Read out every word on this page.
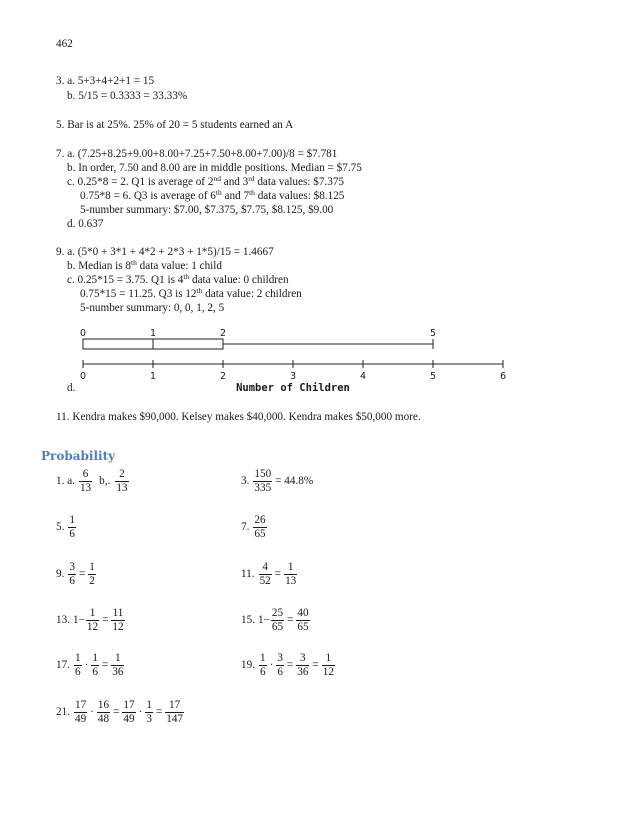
462
3. a. 5+3+4+2+1 = 15
b. 5/15 = 0.3333 = 33.33%
5. Bar is at 25%. 25% of 20 = 5 students earned an A
7. a. (7.25+8.25+9.00+8.00+7.25+7.50+8.00+7.00)/8 = $7.781
b. In order, 7.50 and 8.00 are in middle positions. Median = $7.75
c. 0.25*8 = 2. Q1 is average of 2nd and 3rd data values: $7.375
0.75*8 = 6. Q3 is average of 6th and 7th data values: $8.125
5-number summary: $7.00, $7.375, $7.75, $8.125, $9.00
d. 0.637
9. a. (5*0 + 3*1 + 4*2 + 2*3 + 1*5)/15 = 1.4667
b. Median is 8th data value: 1 child
c. 0.25*15 = 3.75. Q1 is 4th data value: 0 children
0.75*15 = 11.25. Q3 is 12th data value: 2 children
5-number summary: 0, 0, 1, 2, 5
0	1	2	5
0	1	2	3	4	5	6
Number of Children
d.
11. Kendra makes $90,000. Kelsey makes $40,000. Kendra makes $50,000 more.
Probability
1. a. $\frac{6}{13} b$,. $\frac{2}{13}$	3. $\frac{150}{335} = 44.8\%$
5. $\frac{1}{6}$	7. $\frac{26}{65}$
9. $\frac{3}{6} = \frac{1}{2}$	11. $\frac{4}{52} = \frac{1}{13}$
13. $1- \frac{1}{12} = \frac{11}{12}$	15. $1- \frac{25}{65} = \frac{40}{65}$
17. $\frac{1}{6} \cdot \frac{1}{6} = \frac{1}{36}$	19. $\frac{1}{6} \cdot \frac{3}{6} = \frac{3}{36} = \frac{1}{12}$
21. $\frac{17}{49} \cdot \frac{16}{48} = \frac{17}{49} \cdot \frac{1}{3} = \frac{17}{147}$
